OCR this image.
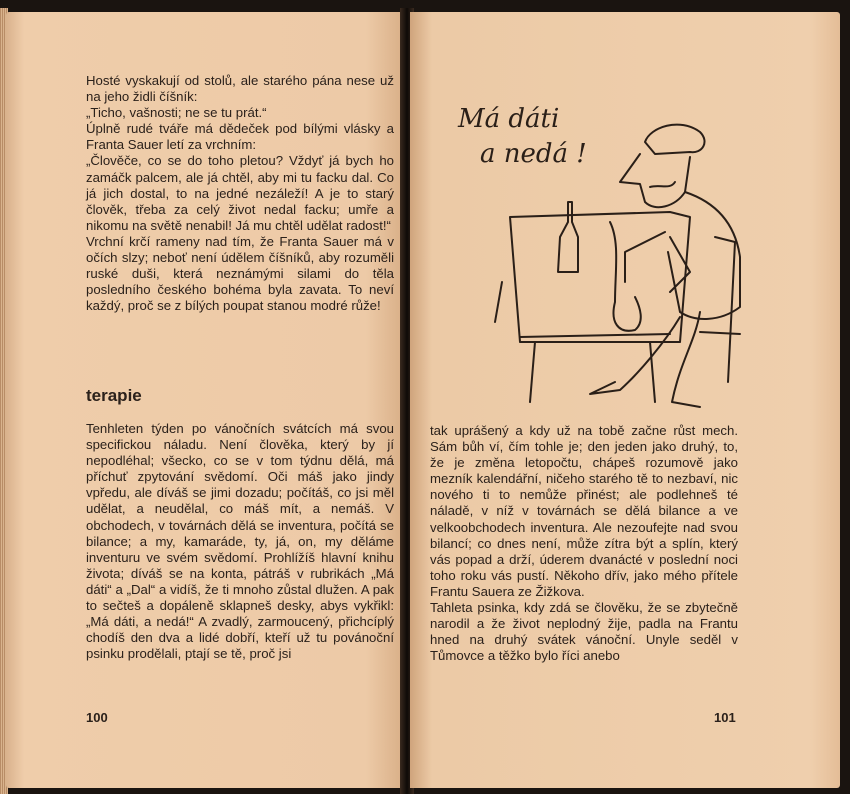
Hosté vyskakují od stolů, ale starého pána nese už na jeho židli číšník:

„Ticho, vašnosti; ne se tu prát.“

Úplně rudé tváře má dědeček pod bílými vlásky a Franta Sauer letí za vrchním:

„Člověče, co se do toho pletou? Vždyť já bych ho zamáčk palcem, ale já chtěl, aby mi tu facku dal. Co já jich dostal, to na jedné nezáleží! A je to starý člověk, třeba za celý život nedal facku; umře a nikomu na světě nenabil! Já mu chtěl udělat radost!“

Vrchní krčí rameny nad tím, že Franta Sauer má v očích slzy; neboť není údělem číšníků, aby rozuměli ruské duši, která neznámými silami do těla posledního českého bohéma byla zavata. To neví každý, proč se z bílých poupat stanou modré růže!

terapie

Tenhleten týden po vánočních svátcích má svou specifickou náladu. Není člověka, který by jí nepodléhal; všecko, co se v tom týdnu dělá, má příchuť zpytování svědomí. Oči máš jako jindy vpředu, ale díváš se jimi dozadu; počítáš, co jsi měl udělat, a neudělal, co máš mít, a nemáš. V obchodech, v továrnách dělá se inventura, počítá se bilance; a my, kamaráde, ty, já, on, my děláme inventuru ve svém svědomí. Prohlížíš hlavní knihu života; díváš se na konta, pátráš v rubrikách „Má dáti“ a „Dal“ a vidíš, že ti mnoho zůstal dlužen. A pak to sečteš a dopáleně sklapneš desky, abys vykřikl: „Má dáti, a nedá!“ A zvadlý, zarmoucený, přichcíplý chodíš den dva a lidé dobří, kteří už tu povánoční psinku prodělali, ptají se tě, proč jsi

100
Má dáti
a nedá !

tak uprášený a kdy už na tobě začne růst mech. Sám bůh ví, čím tohle je; den jeden jako druhý, to, že je změna letopočtu, chápeš rozumově jako mezník kalendářní, ničeho starého tě to nezbaví, nic nového ti to nemůže přinést; ale podlehneš té náladě, v níž v továrnách se dělá bilance a ve velkoobchodech inventura. Ale nezoufejte nad svou bilancí; co dnes není, může zítra být a splín, který vás popad a drží, úderem dvanácté v poslední noci toho roku vás pustí. Někoho dřív, jako mého přítele Frantu Sauera ze Žižkova.

Tahleta psinka, kdy zdá se člověku, že se zbytečně narodil a že život neplodný žije, padla na Frantu hned na druhý svátek vánoční. Unyle seděl v Tůmovce a těžko bylo říci anebo

101
